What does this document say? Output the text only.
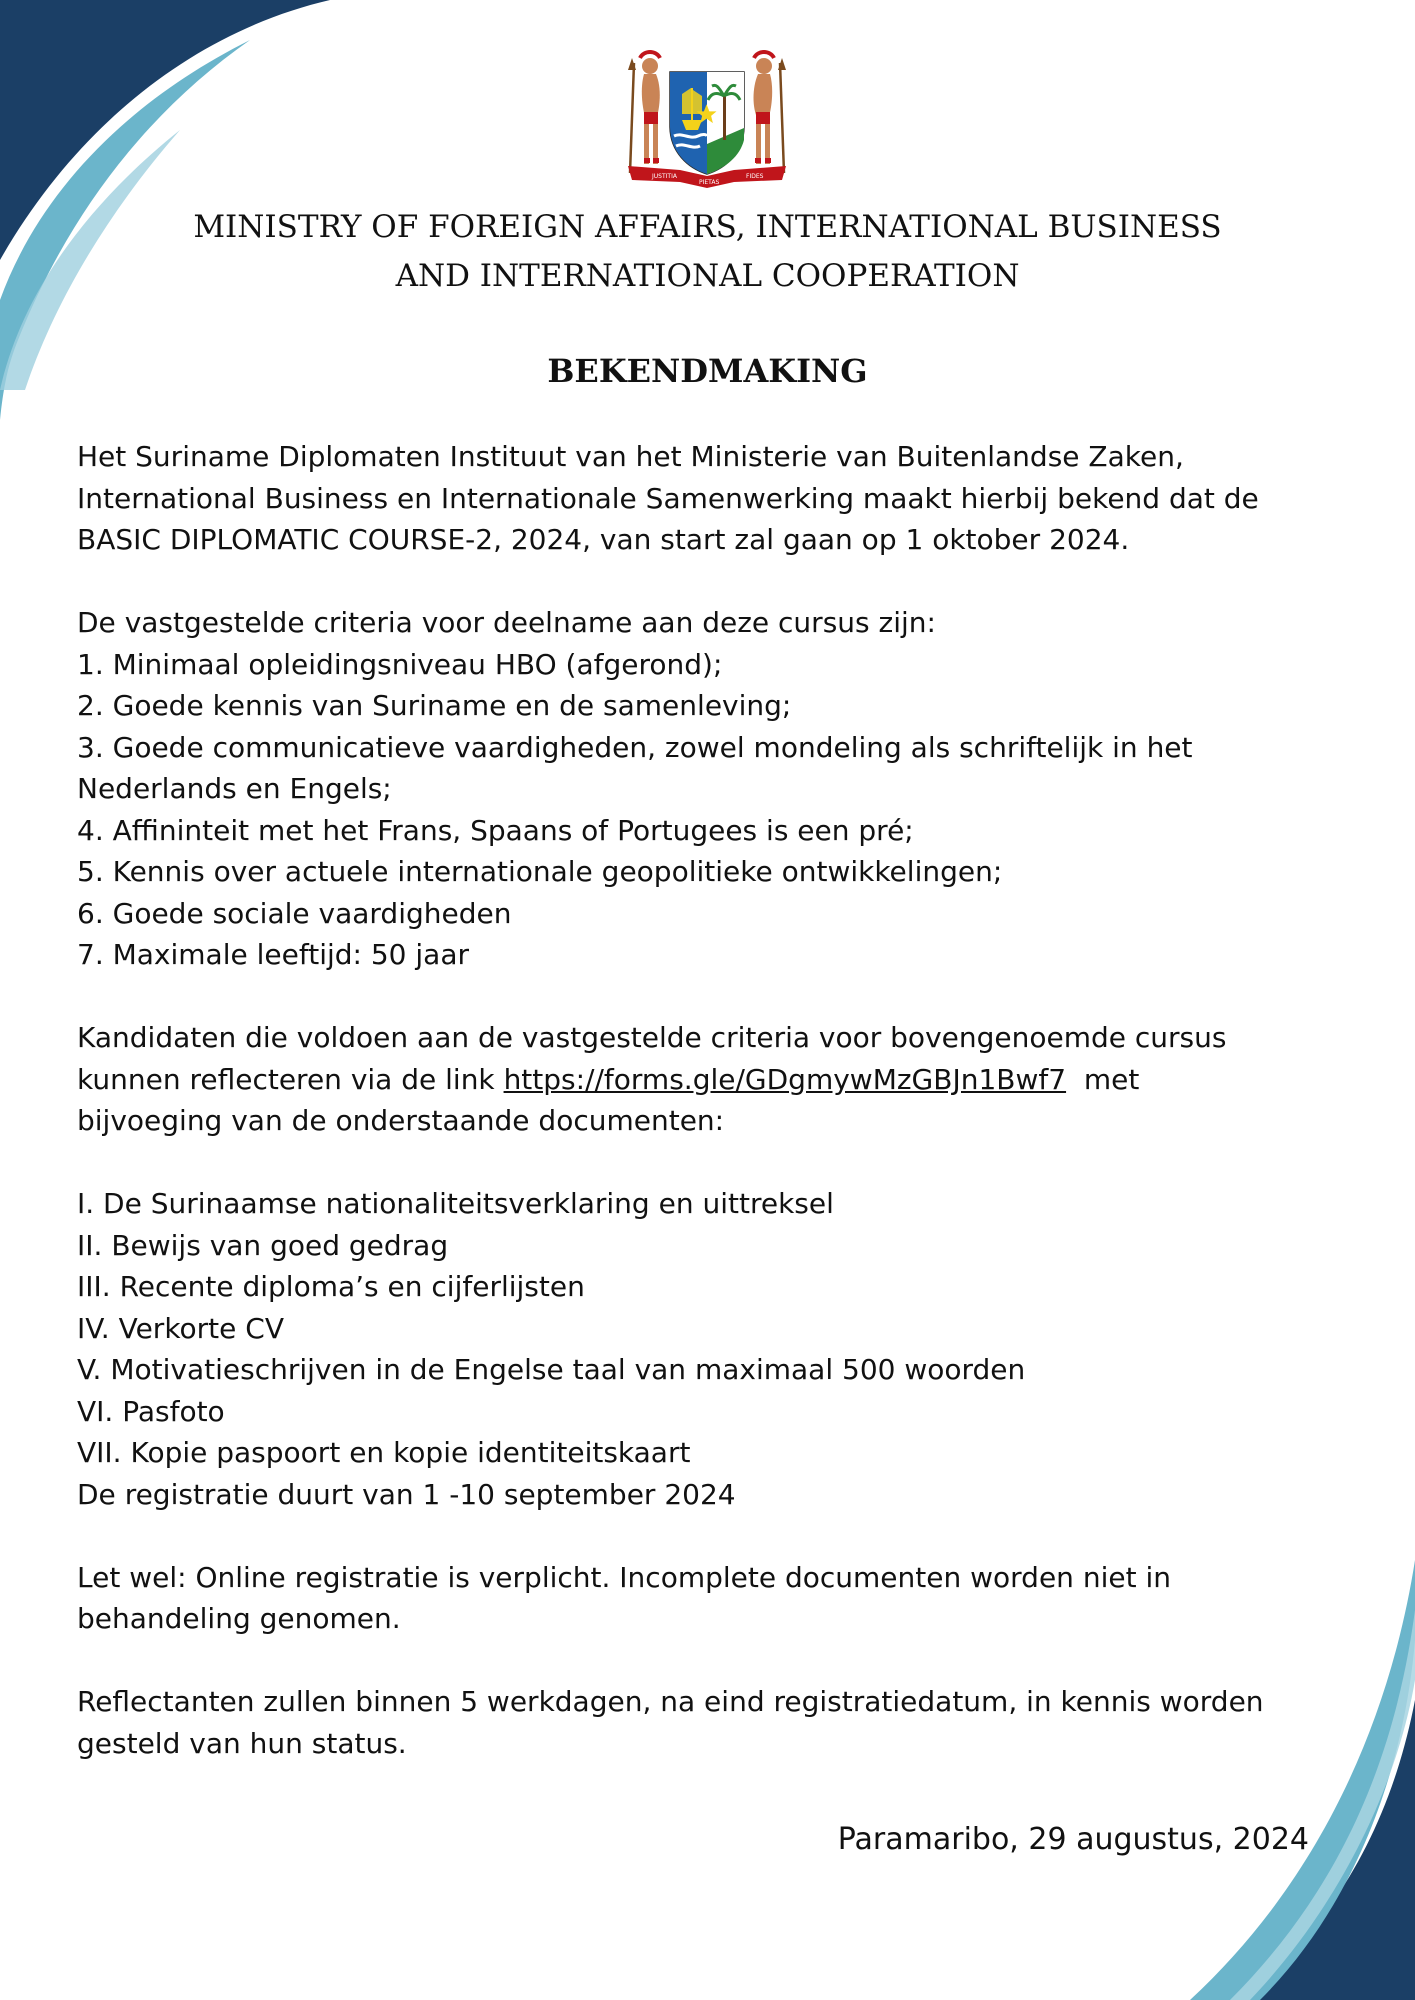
JUSTITIA
PIETAS
FIDES
MINISTRY OF FOREIGN AFFAIRS, INTERNATIONAL BUSINESS
AND INTERNATIONAL COOPERATION
BEKENDMAKING
Het Suriname Diplomaten Instituut van het Ministerie van Buitenlandse Zaken,
International Business en Internationale Samenwerking maakt hierbij bekend dat de
BASIC DIPLOMATIC COURSE-2, 2024, van start zal gaan op 1 oktober 2024.
De vastgestelde criteria voor deelname aan deze cursus zijn:
1. Minimaal opleidingsniveau HBO (afgerond);
2. Goede kennis van Suriname en de samenleving;
3. Goede communicatieve vaardigheden, zowel mondeling als schriftelijk in het
Nederlands en Engels;
4. Affininteit met het Frans, Spaans of Portugees is een pré;
5. Kennis over actuele internationale geopolitieke ontwikkelingen;
6. Goede sociale vaardigheden
7. Maximale leeftijd: 50 jaar
Kandidaten die voldoen aan de vastgestelde criteria voor bovengenoemde cursus
kunnen reflecteren via de link https://forms.gle/GDgmywMzGBJn1Bwf7  met
bijvoeging van de onderstaande documenten:
I. De Surinaamse nationaliteitsverklaring en uittreksel
II. Bewijs van goed gedrag
III. Recente diploma’s en cijferlijsten
IV. Verkorte CV
V. Motivatieschrijven in de Engelse taal van maximaal 500 woorden
VI. Pasfoto
VII. Kopie paspoort en kopie identiteitskaart
De registratie duurt van 1 -10 september 2024
Let wel: Online registratie is verplicht. Incomplete documenten worden niet in
behandeling genomen.
Reflectanten zullen binnen 5 werkdagen, na eind registratiedatum, in kennis worden
gesteld van hun status.
Paramaribo, 29 augustus, 2024
